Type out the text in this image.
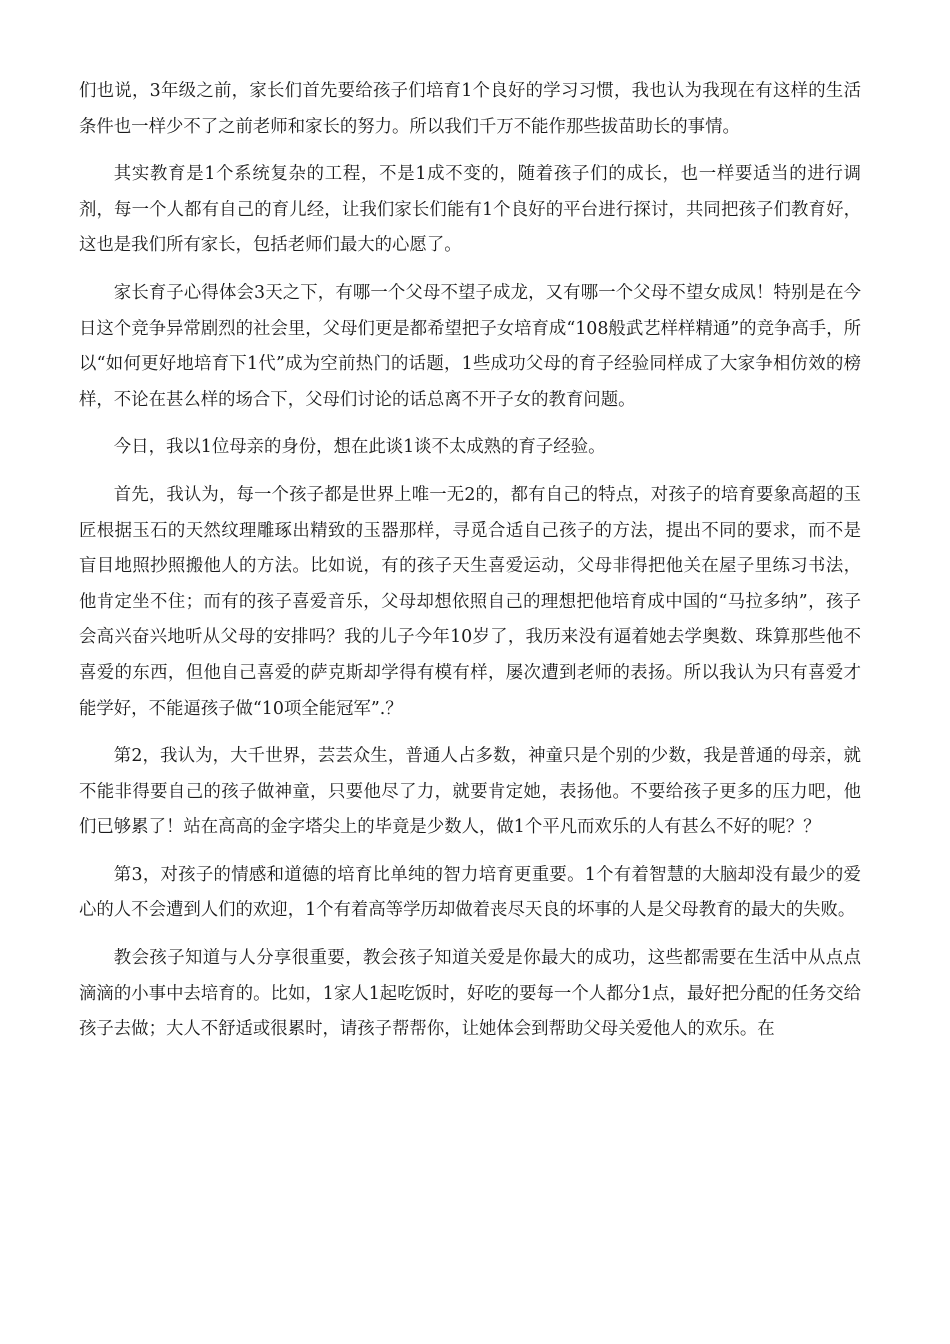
们也说，3年级之前，家长们首先要给孩子们培育1个良好的学习习惯，我也认为我现在有这样的生活条件也一样少不了之前老师和家长的努力。所以我们千万不能作那些拔苗助长的事情。

其实教育是1个系统复杂的工程，不是1成不变的，随着孩子们的成长，也一样要适当的进行调剂，每一个人都有自己的育儿经，让我们家长们能有1个良好的平台进行探讨，共同把孩子们教育好，这也是我们所有家长，包括老师们最大的心愿了。

家长育子心得体会3天之下，有哪一个父母不望子成龙，又有哪一个父母不望女成凤！特别是在今日这个竞争异常剧烈的社会里，父母们更是都希望把子女培育成“108般武艺样样精通”的竞争高手，所以“如何更好地培育下1代”成为空前热门的话题，1些成功父母的育子经验同样成了大家争相仿效的榜样，不论在甚么样的场合下，父母们讨论的话总离不开子女的教育问题。

今日，我以1位母亲的身份，想在此谈1谈不太成熟的育子经验。

首先，我认为，每一个孩子都是世界上唯一无2的，都有自己的特点，对孩子的培育要象高超的玉匠根据玉石的天然纹理雕琢出精致的玉器那样，寻觅合适自己孩子的方法，提出不同的要求，而不是盲目地照抄照搬他人的方法。比如说，有的孩子天生喜爱运动，父母非得把他关在屋子里练习书法，他肯定坐不住；而有的孩子喜爱音乐，父母却想依照自己的理想把他培育成中国的“马拉多纳”，孩子会高兴奋兴地听从父母的安排吗？我的儿子今年10岁了，我历来没有逼着她去学奥数、珠算那些他不喜爱的东西，但他自己喜爱的萨克斯却学得有模有样，屡次遭到老师的表扬。所以我认为只有喜爱才能学好，不能逼孩子做“10项全能冠军”.？

第2，我认为，大千世界，芸芸众生，普通人占多数，神童只是个别的少数，我是普通的母亲，就不能非得要自己的孩子做神童，只要他尽了力，就要肯定她，表扬他。不要给孩子更多的压力吧，他们已够累了！站在高高的金字塔尖上的毕竟是少数人，做1个平凡而欢乐的人有甚么不好的呢？？

第3，对孩子的情感和道德的培育比单纯的智力培育更重要。1个有着智慧的大脑却没有最少的爱心的人不会遭到人们的欢迎，1个有着高等学历却做着丧尽天良的坏事的人是父母教育的最大的失败。

教会孩子知道与人分享很重要，教会孩子知道关爱是你最大的成功，这些都需要在生活中从点点滴滴的小事中去培育的。比如，1家人1起吃饭时，好吃的要每一个人都分1点，最好把分配的任务交给孩子去做；大人不舒适或很累时，请孩子帮帮你，让她体会到帮助父母关爱他人的欢乐。在
